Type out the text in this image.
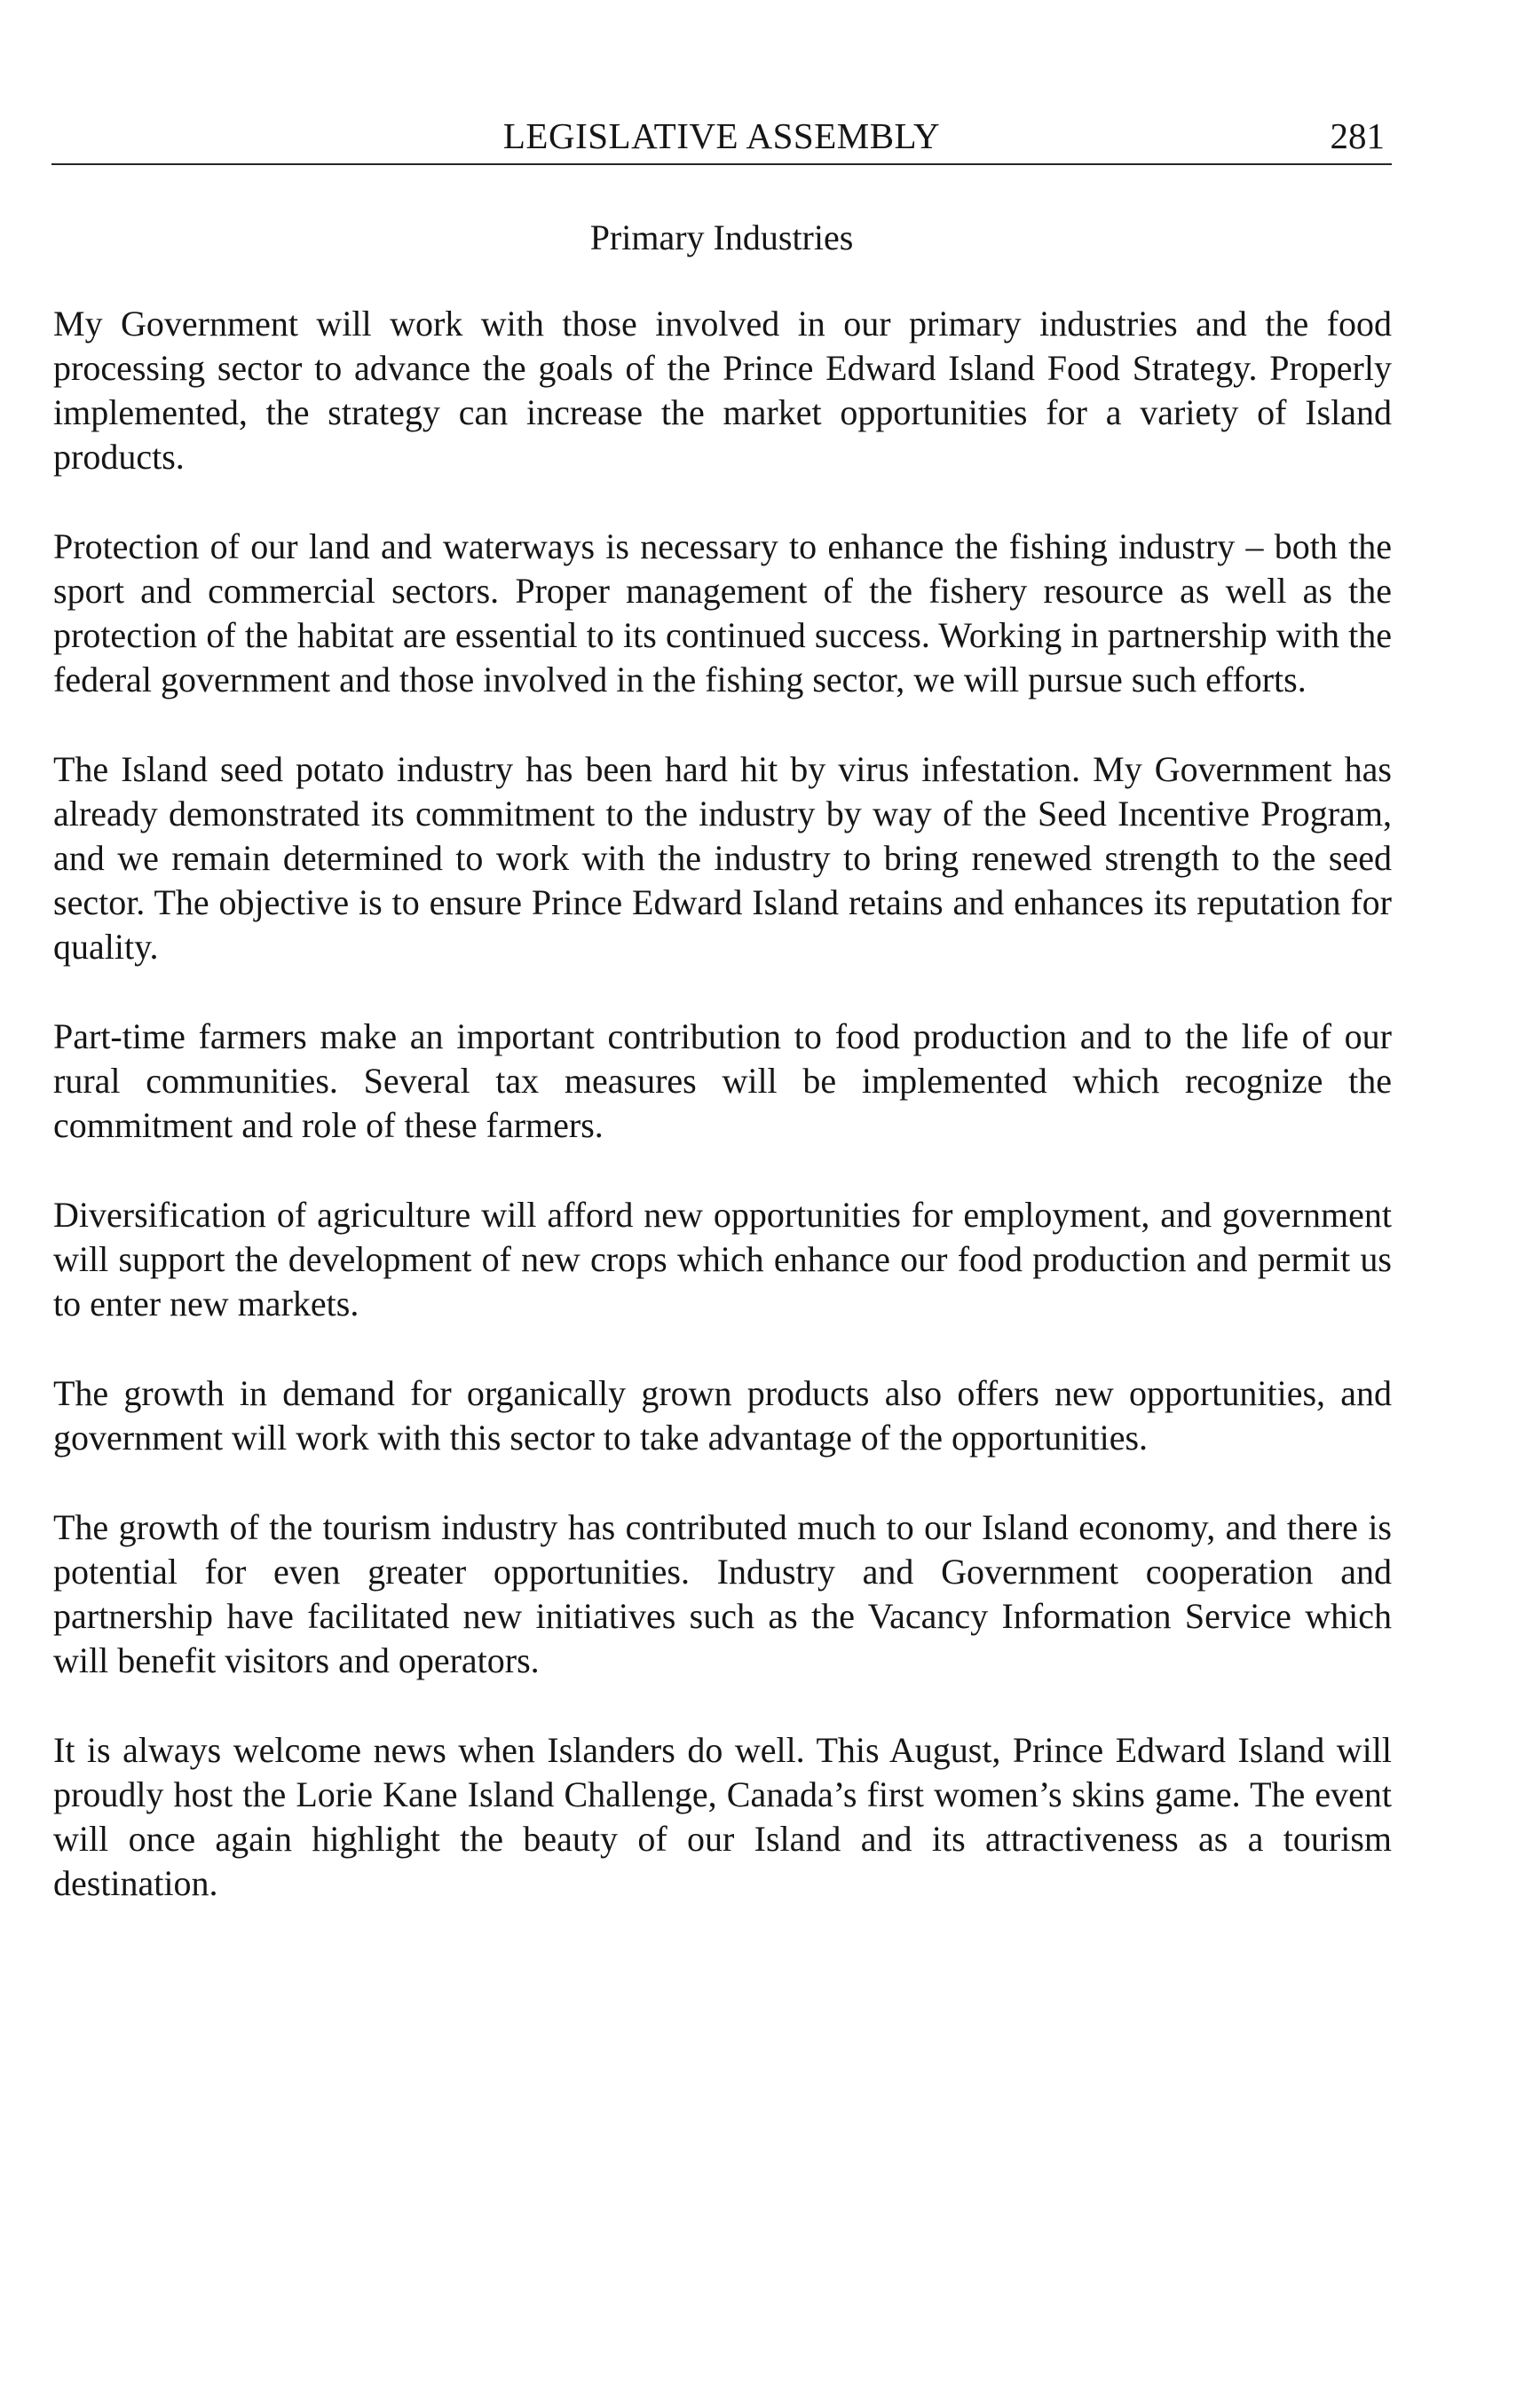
LEGISLATIVE ASSEMBLY	281
Primary Industries

My Government will work with those involved in our primary industries and the food processing sector to advance the goals of the Prince Edward Island Food Strategy. Properly implemented, the strategy can increase the market opportunities for a variety of Island products.

Protection of our land and waterways is necessary to enhance the fishing industry – both the sport and commercial sectors. Proper management of the fishery resource as well as the protection of the habitat are essential to its continued success. Working in partnership with the federal government and those involved in the fishing sector, we will pursue such efforts.

The Island seed potato industry has been hard hit by virus infestation. My Government has already demonstrated its commitment to the industry by way of the Seed Incentive Program, and we remain determined to work with the industry to bring renewed strength to the seed sector. The objective is to ensure Prince Edward Island retains and enhances its reputation for quality.

Part-time farmers make an important contribution to food production and to the life of our rural communities. Several tax measures will be implemented which recognize the commitment and role of these farmers.

Diversification of agriculture will afford new opportunities for employment, and government will support the development of new crops which enhance our food production and permit us to enter new markets.

The growth in demand for organically grown products also offers new opportunities, and government will work with this sector to take advantage of the opportunities.

The growth of the tourism industry has contributed much to our Island economy, and there is potential for even greater opportunities. Industry and Government cooperation and partnership have facilitated new initiatives such as the Vacancy Information Service which will benefit visitors and operators.

It is always welcome news when Islanders do well. This August, Prince Edward Island will proudly host the Lorie Kane Island Challenge, Canada’s first women’s skins game. The event will once again highlight the beauty of our Island and its attractiveness as a tourism destination.
